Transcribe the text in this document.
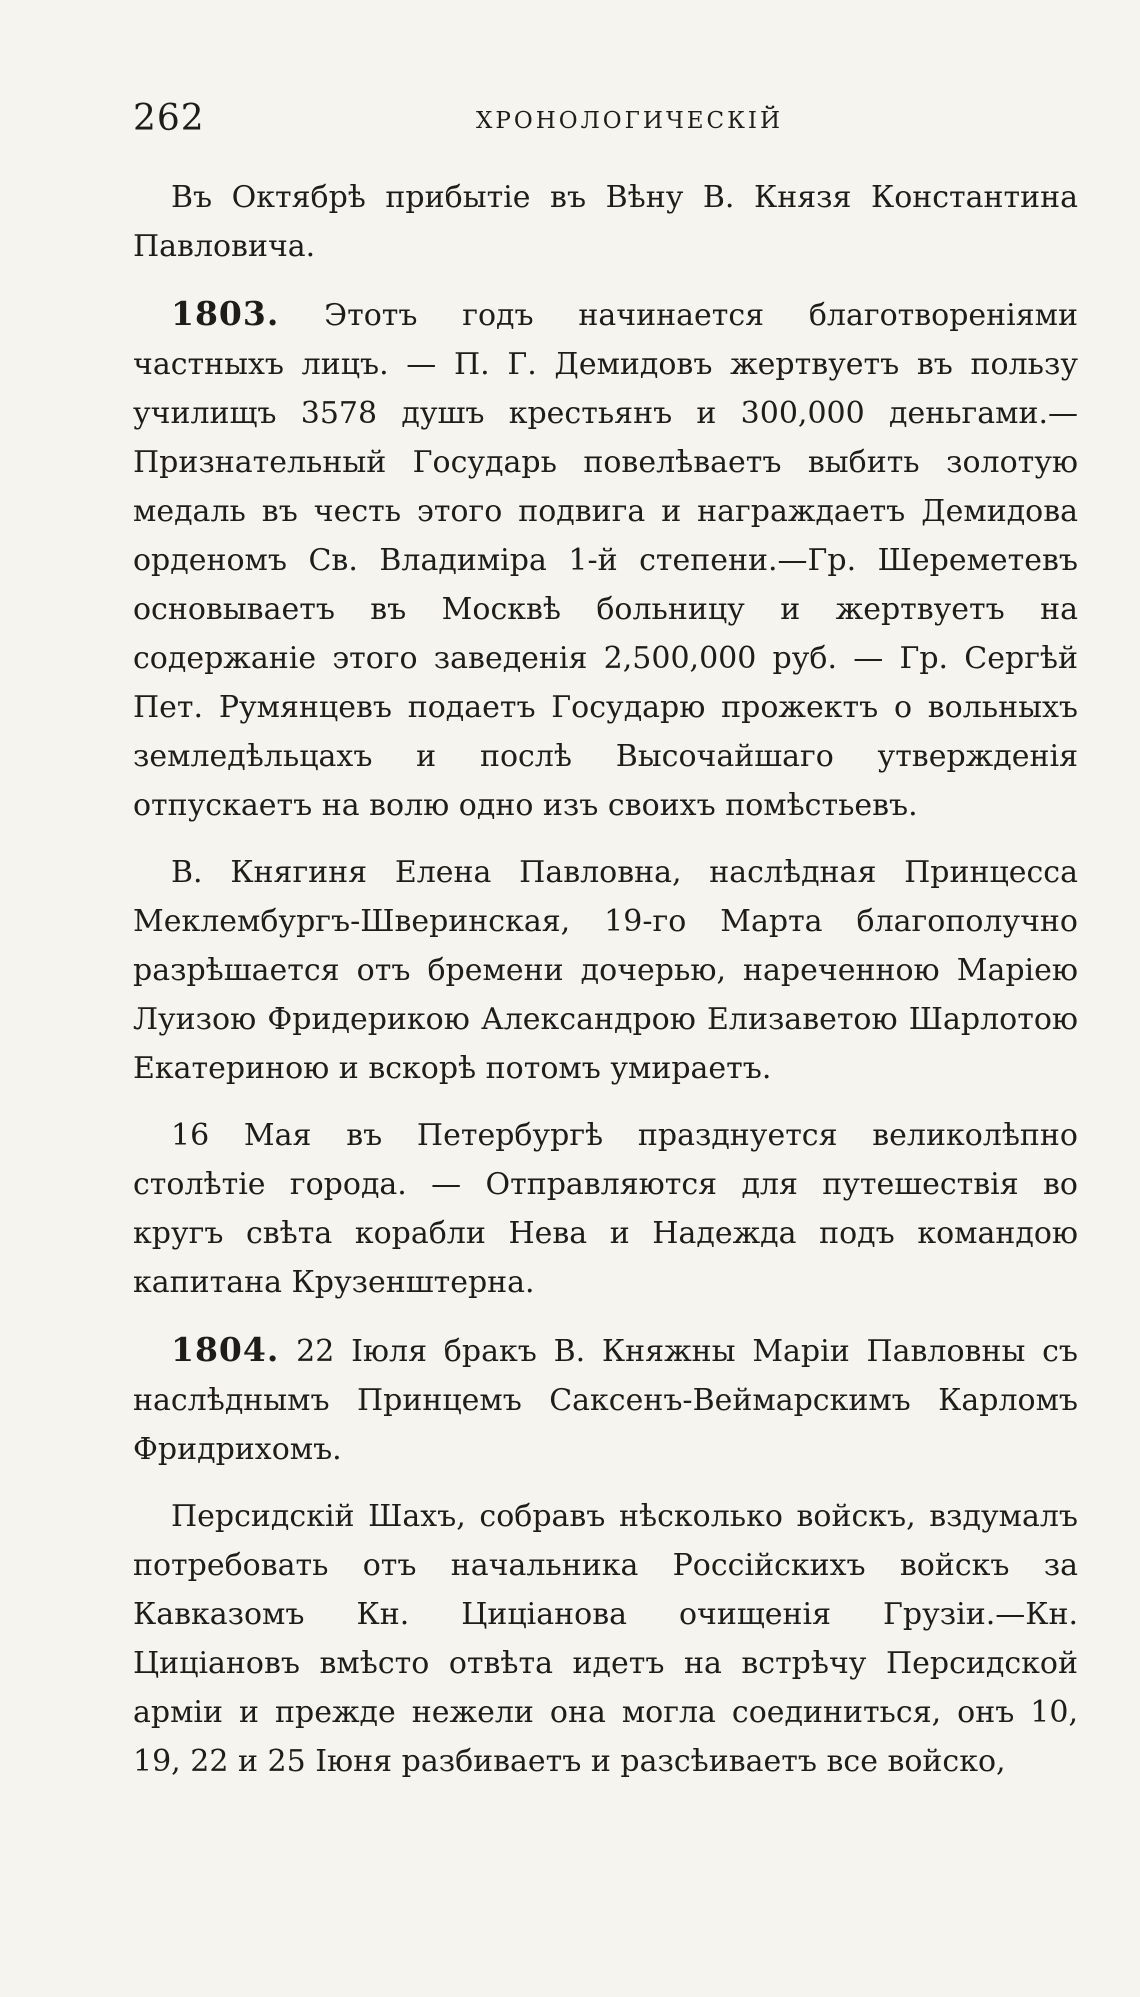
262	ХРОНОЛОГИЧЕСКІЙ

Въ Октябрѣ прибытіе въ Вѣну В. Князя Константина Павловича.

1803. Этотъ годъ начинается благотвореніями частныхъ лицъ. — П. Г. Демидовъ жертвуетъ въ пользу училищъ 3578 душъ крестьянъ и 300,000 деньгами.— Признательный Государь повелѣваетъ выбить золотую медаль въ честь этого подвига и награждаетъ Демидова орденомъ Св. Владиміра 1-й степени.—Гр. Шереметевъ основываетъ въ Москвѣ больницу и жертвуетъ на содержаніе этого заведенія 2,500,000 руб. — Гр. Сергѣй Пет. Румянцевъ подаетъ Государю прожектъ о вольныхъ земледѣльцахъ и послѣ Высочайшаго утвержденія отпускаетъ на волю одно изъ своихъ помѣстьевъ.

В. Княгиня Елена Павловна, наслѣдная Принцесса Меклембургъ-Шверинская, 19-го Марта благополучно разрѣшается отъ бремени дочерью, нареченною Маріею Луизою Фридерикою Александрою Елизаветою Шарлотою Екатериною и вскорѣ потомъ умираетъ.

16 Мая въ Петербургѣ празднуется великолѣпно столѣтіе города. — Отправляются для путешествія во кругъ свѣта корабли Нева и Надежда подъ командою капитана Крузенштерна.

1804. 22 Іюля бракъ В. Княжны Маріи Павловны съ наслѣднымъ Принцемъ Саксенъ-Веймарскимъ Карломъ Фридрихомъ.

Персидскій Шахъ, собравъ нѣсколько войскъ, вздумалъ потребовать отъ начальника Россійскихъ войскъ за Кавказомъ Кн. Циціанова очищенія Грузіи.—Кн. Циціановъ вмѣсто отвѣта идетъ на встрѣчу Персидской арміи и прежде нежели она могла соединиться, онъ 10, 19, 22 и 25 Іюня разбиваетъ и разсѣиваетъ все войско,
